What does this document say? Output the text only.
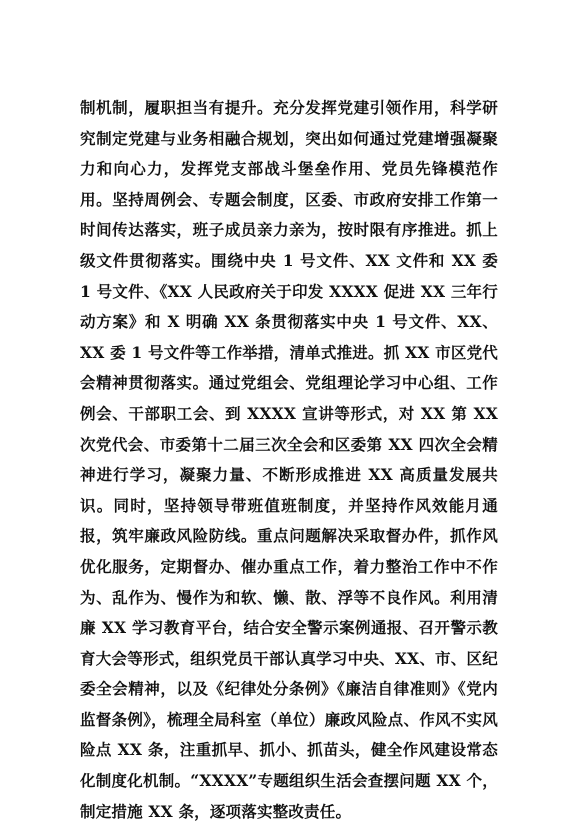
制机制，履职担当有提升。充分发挥党建引领作用，科学研究制定党建与业务相融合规划，突出如何通过党建增强凝聚力和向心力，发挥党支部战斗堡垒作用、党员先锋模范作用。坚持周例会、专题会制度，区委、市政府安排工作第一时间传达落实，班子成员亲力亲为，按时限有序推进。抓上级文件贯彻落实。围绕中央 1 号文件、XX 文件和 XX 委 1 号文件、《XX 人民政府关于印发 XXXX 促进 XX 三年行动方案》和 X 明确 XX 条贯彻落实中央 1 号文件、XX、XX 委 1 号文件等工作举措，清单式推进。抓 XX 市区党代会精神贯彻落实。通过党组会、党组理论学习中心组、工作例会、干部职工会、到 XXXX 宣讲等形式，对 XX 第 XX 次党代会、市委第十二届三次全会和区委第 XX 四次全会精神进行学习，凝聚力量、不断形成推进 XX 高质量发展共识。同时，坚持领导带班值班制度，并坚持作风效能月通报，筑牢廉政风险防线。重点问题解决采取督办件，抓作风优化服务，定期督办、催办重点工作，着力整治工作中不作为、乱作为、慢作为和软、懒、散、浮等不良作风。利用清廉 XX 学习教育平台，结合安全警示案例通报、召开警示教育大会等形式，组织党员干部认真学习中央、XX、市、区纪委全会精神，以及《纪律处分条例》《廉洁自律准则》《党内监督条例》，梳理全局科室（单位）廉政风险点、作风不实风险点 XX 条，注重抓早、抓小、抓苗头，健全作风建设常态化制度化机制。“XXXX”专题组织生活会查摆问题 XX 个，制定措施 XX 条，逐项落实整改责任。
